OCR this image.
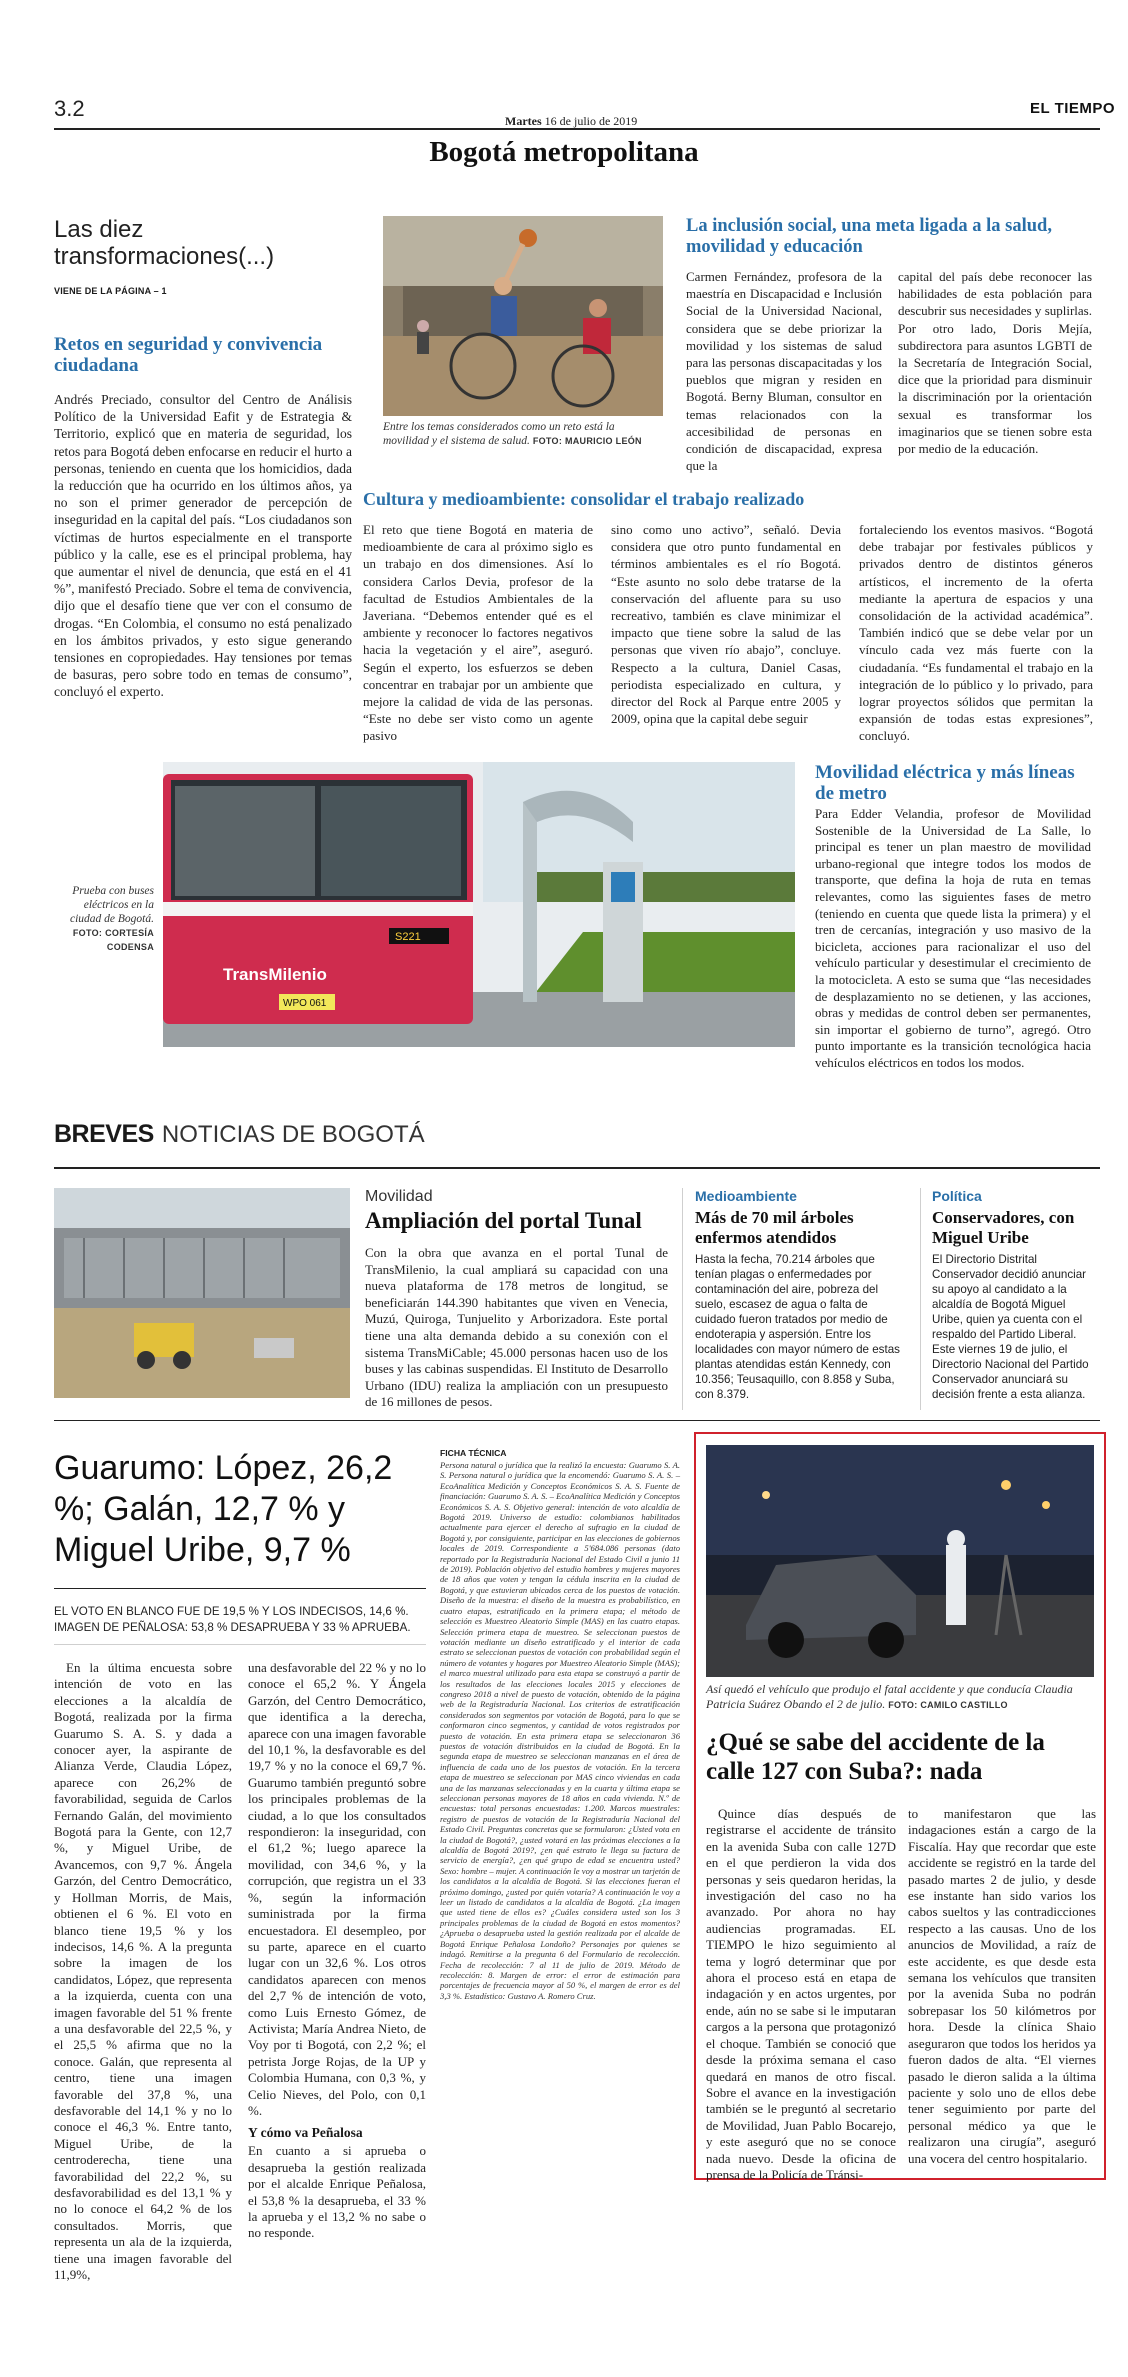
3.2	Martes 16 de julio de 2019
EL TIEMPO
Bogotá metropolitana
Las diez
transformaciones(...)
VIENE DE LA PÁGINA – 1
Retos en seguridad y convivencia ciudadana
Andrés Preciado, consultor del Centro de Análisis Político de la Universidad Eafit y de Estrategia & Territorio, explicó que en materia de seguridad, los retos para Bogotá deben enfocarse en reducir el hurto a personas, teniendo en cuenta que los homicidios, dada la reducción que ha ocurrido en los últimos años, ya no son el primer generador de percepción de inseguridad en la capital del país. “Los ciudadanos son víctimas de hurtos especialmente en el transporte público y la calle, ese es el principal problema, hay que aumentar el nivel de denuncia, que está en el 41 %”, manifestó Preciado. Sobre el tema de convivencia, dijo que el desafío tiene que ver con el consumo de drogas. “En Colombia, el consumo no está penalizado en los ámbitos privados, y esto sigue generando tensiones en copropiedades. Hay tensiones por temas de basuras, pero sobre todo en temas de consumo”, concluyó el experto.
Entre los temas considerados como un reto está la movilidad y el sistema de salud. FOTO: MAURICIO LEÓN
La inclusión social, una meta ligada a la salud, movilidad y educación
Carmen Fernández, profesora de la maestría en Discapacidad e Inclusión Social de la Universidad Nacional, considera que se debe priorizar la movilidad y los sistemas de salud para las personas discapacitadas y los pueblos que migran y residen en Bogotá. Berny Bluman, consultor en temas relacionados con la accesibilidad de personas en condición de discapacidad, expresa que la
capital del país debe reconocer las habilidades de esta población para descubrir sus necesidades y suplirlas. Por otro lado, Doris Mejía, subdirectora para asuntos LGBTI de la Secretaría de Integración Social, dice que la prioridad para disminuir la discriminación por la orientación sexual es transformar los imaginarios que se tienen sobre esta por medio de la educación.
Cultura y medioambiente: consolidar el trabajo realizado
El reto que tiene Bogotá en materia de medioambiente de cara al próximo siglo es un trabajo en dos dimensiones. Así lo considera Carlos Devia, profesor de la facultad de Estudios Ambientales de la Javeriana. “Debemos entender qué es el ambiente y reconocer lo factores negativos hacia la vegetación y el aire”, aseguró. Según el experto, los esfuerzos se deben concentrar en trabajar por un ambiente que mejore la calidad de vida de las personas. “Este no debe ser visto como un agente pasivo
sino como uno activo”, señaló. Devia considera que otro punto fundamental en términos ambientales es el río Bogotá. “Este asunto no solo debe tratarse de la conservación del afluente para su uso recreativo, también es clave minimizar el impacto que tiene sobre la salud de las personas que viven río abajo”, concluye. Respecto a la cultura, Daniel Casas, periodista especializado en cultura, y director del Rock al Parque entre 2005 y 2009, opina que la capital debe seguir
fortaleciendo los eventos masivos. “Bogotá debe trabajar por festivales públicos y privados dentro de distintos géneros artísticos, el incremento de la oferta mediante la apertura de espacios y una consolidación de la actividad académica”. También indicó que se debe velar por un vínculo cada vez más fuerte con la ciudadanía. “Es fundamental el trabajo en la integración de lo público y lo privado, para lograr proyectos sólidos que permitan la expansión de todas estas expresiones”, concluyó.
Prueba con buses eléctricos en la ciudad de Bogotá. FOTO: CORTESÍA CODENSA
S221
TransMilenio
WPO 061
Movilidad eléctrica y más líneas de metro
Para Edder Velandia, profesor de Movilidad Sostenible de la Universidad de La Salle, lo principal es tener un plan maestro de movilidad urbano-regional que integre todos los modos de transporte, que defina la hoja de ruta en temas relevantes, como las siguientes fases de metro (teniendo en cuenta que quede lista la primera) y el tren de cercanías, integración y uso masivo de la bicicleta, acciones para racionalizar el uso del vehículo particular y desestimular el crecimiento de la motocicleta. A esto se suma que “las necesidades de desplazamiento no se detienen, y las acciones, obras y medidas de control deben ser permanentes, sin importar el gobierno de turno”, agregó. Otro punto importante es la transición tecnológica hacia vehículos eléctricos en todos los modos.
BREVES NOTICIAS DE BOGOTÁ
Movilidad
Ampliación del portal Tunal
Con la obra que avanza en el portal Tunal de TransMilenio, la cual ampliará su capacidad con una nueva plataforma de 178 metros de longitud, se beneficiarán 144.390 habitantes que viven en Venecia, Muzú, Quiroga, Tunjuelito y Arborizadora. Este portal tiene una alta demanda debido a su conexión con el sistema TransMiCable; 45.000 personas hacen uso de los buses y las cabinas suspendidas. El Instituto de Desarrollo Urbano (IDU) realiza la ampliación con un presupuesto de 16 millones de pesos.
Medioambiente
Más de 70 mil árboles enfermos atendidos
Hasta la fecha, 70.214 árboles que tenían plagas o enfermedades por contaminación del aire, pobreza del suelo, escasez de agua o falta de cuidado fueron tratados por medio de endoterapia y aspersión. Entre los localidades con mayor número de estas plantas atendidas están Kennedy, con 10.356; Teusaquillo, con 8.858 y Suba, con 8.379.
Política
Conservadores, con Miguel Uribe
El Directorio Distrital Conservador decidió anunciar su apoyo al candidato a la alcaldía de Bogotá Miguel Uribe, quien ya cuenta con el respaldo del Partido Liberal. Este viernes 19 de julio, el Directorio Nacional del Partido Conservador anunciará su decisión frente a esta alianza.
Guarumo: López, 26,2 %; Galán, 12,7 % y Miguel Uribe, 9,7 %
EL VOTO EN BLANCO FUE DE 19,5 % Y LOS INDECISOS, 14,6 %. IMAGEN DE PEÑALOSA: 53,8 % DESAPRUEBA Y 33 % APRUEBA.
En la última encuesta sobre intención de voto en las elecciones a la alcaldía de Bogotá, realizada por la firma Guarumo S. A. S. y dada a conocer ayer, la aspirante de Alianza Verde, Claudia López, aparece con 26,2% de favorabilidad, seguida de Carlos Fernando Galán, del movimiento Bogotá para la Gente, con 12,7 %, y Miguel Uribe, de Avancemos, con 9,7 %. Ángela Garzón, del Centro Democrático, y Hollman Morris, de Mais, obtienen el 6 %. El voto en blanco tiene 19,5 % y los indecisos, 14,6 %. A la pregunta sobre la imagen de los candidatos, López, que representa a la izquierda, cuenta con una imagen favorable del 51 % frente a una desfavorable del 22,5 %, y el 25,5 % afirma que no la conoce. Galán, que representa al centro, tiene una imagen favorable del 37,8 %, una desfavorable del 14,1 % y no lo conoce el 46,3 %. Entre tanto, Miguel Uribe, de la centroderecha, tiene una favorabilidad del 22,2 %, su desfavorabilidad es del 13,1 % y no lo conoce el 64,2 % de los consultados. Morris, que representa un ala de la izquierda, tiene una imagen favorable del 11,9%,
una desfavorable del 22 % y no lo conoce el 65,2 %. Y Ángela Garzón, del Centro Democrático, que identifica a la derecha, aparece con una imagen favorable del 10,1 %, la desfavorable es del 19,7 % y no la conoce el 69,7 %. Guarumo también preguntó sobre los principales problemas de la ciudad, a lo que los consultados respondieron: la inseguridad, con el 61,2 %; luego aparece la movilidad, con 34,6 %, y la corrupción, que registra un el 33 %, según la información suministrada por la firma encuestadora. El desempleo, por su parte, aparece en el cuarto lugar con un 32,6 %. Los otros candidatos aparecen con menos del 2,7 % de intención de voto, como Luis Ernesto Gómez, de Activista; María Andrea Nieto, de Voy por ti Bogotá, con 2,2 %; el petrista Jorge Rojas, de la UP y Colombia Humana, con 0,3 %, y Celio Nieves, del Polo, con 0,1 %.
Y cómo va Peñalosa
En cuanto a si aprueba o desaprueba la gestión realizada por el alcalde Enrique Peñalosa, el 53,8 % la desaprueba, el 33 % la aprueba y el 13,2 % no sabe o no responde.
FICHA TÉCNICA
Persona natural o jurídica que la realizó la encuesta: Guarumo S. A. S. Persona natural o jurídica que la encomendó: Guarumo S. A. S. – EcoAnalítica Medición y Conceptos Económicos S. A. S. Fuente de financiación: Guarumo S. A. S. – EcoAnalítica Medición y Conceptos Económicos S. A. S. Objetivo general: intención de voto alcaldía de Bogotá 2019. Universo de estudio: colombianos habilitados actualmente para ejercer el derecho al sufragio en la ciudad de Bogotá y, por consiguiente, participar en las elecciones de gobiernos locales de 2019. Correspondiente a 5'684.086 personas (dato reportado por la Registraduría Nacional del Estado Civil a junio 11 de 2019). Población objetivo del estudio hombres y mujeres mayores de 18 años que voten y tengan la cédula inscrita en la ciudad de Bogotá, y que estuvieran ubicados cerca de los puestos de votación. Diseño de la muestra: el diseño de la muestra es probabilístico, en cuatro etapas, estratificado en la primera etapa; el método de selección es Muestreo Aleatorio Simple (MAS) en las cuatro etapas. Selección primera etapa de muestreo. Se seleccionan puestos de votación mediante un diseño estratificado y el interior de cada estrato se seleccionan puestos de votación con probabilidad según el número de votantes y hogares por Muestreo Aleatorio Simple (MAS); el marco muestral utilizado para esta etapa se construyó a partir de los resultados de las elecciones locales 2015 y elecciones de congreso 2018 a nivel de puesto de votación, obtenido de la página web de la Registraduría Nacional. Los criterios de estratificación considerados son segmentos por votación de Bogotá, para lo que se conformaron cinco segmentos, y cantidad de votos registrados por puesto de votación. En esta primera etapa se seleccionaron 36 puestos de votación distribuidos en la ciudad de Bogotá. En la segunda etapa de muestreo se seleccionan manzanas en el área de influencia de cada uno de los puestos de votación. En la tercera etapa de muestreo se seleccionan por MAS cinco viviendas en cada una de las manzanas seleccionadas y en la cuarta y última etapa se seleccionan personas mayores de 18 años en cada vivienda. N.º de encuestas: total personas encuestadas: 1.200. Marcos muestrales: registro de puestos de votación de la Registraduría Nacional del Estado Civil. Preguntas concretas que se formularon: ¿Usted vota en la ciudad de Bogotá?, ¿usted votará en las próximas elecciones a la alcaldía de Bogotá 2019?, ¿en qué estrato le llega su factura de servicio de energía?, ¿en qué grupo de edad se encuentra usted? Sexo: hombre – mujer. A continuación le voy a mostrar un tarjetón de los candidatos a la alcaldía de Bogotá. Si las elecciones fueran el próximo domingo, ¿usted por quién votaría? A continuación le voy a leer un listado de candidatos a la alcaldía de Bogotá. ¿La imagen que usted tiene de ellos es? ¿Cuáles considera usted son los 3 principales problemas de la ciudad de Bogotá en estos momentos? ¿Aprueba o desaprueba usted la gestión realizada por el alcalde de Bogotá Enrique Peñalosa Londoño? Personajes por quienes se indagó. Remitirse a la pregunta 6 del Formulario de recolección. Fecha de recolección: 7 al 11 de julio de 2019. Método de recolección: 8. Margen de error: el error de estimación para porcentajes de frecuencia mayor al 50 %, el margen de error es del 3,3 %. Estadístico: Gustavo A. Romero Cruz.
Así quedó el vehículo que produjo el fatal accidente y que conducía Claudia Patricia Suárez Obando el 2 de julio. FOTO: CAMILO CASTILLO
¿Qué se sabe del accidente de la calle 127 con Suba?: nada
Quince días después de registrarse el accidente de tránsito en la avenida Suba con calle 127D en el que perdieron la vida dos personas y seis quedaron heridas, la investigación del caso no ha avanzado. Por ahora no hay audiencias programadas. EL TIEMPO le hizo seguimiento al tema y logró determinar que por ahora el proceso está en etapa de indagación y en actos urgentes, por ende, aún no se sabe si le imputaran cargos a la persona que protagonizó el choque. También se conoció que desde la próxima semana el caso quedará en manos de otro fiscal. Sobre el avance en la investigación también se le preguntó al secretario de Movilidad, Juan Pablo Bocarejo, y este aseguró que no se conoce nada nuevo. Desde la oficina de prensa de la Policía de Tránsi-
to manifestaron que las indagaciones están a cargo de la Fiscalía. Hay que recordar que este accidente se registró en la tarde del pasado martes 2 de julio, y desde ese instante han sido varios los cabos sueltos y las contradicciones respecto a las causas. Uno de los anuncios de Movilidad, a raíz de este accidente, es que desde esta semana los vehículos que transiten por la avenida Suba no podrán sobrepasar los 50 kilómetros por hora. Desde la clínica Shaio aseguraron que todos los heridos ya fueron dados de alta. “El viernes pasado le dieron salida a la última paciente y solo uno de ellos debe tener seguimiento por parte del personal médico ya que le realizaron una cirugía”, aseguró una vocera del centro hospitalario.
